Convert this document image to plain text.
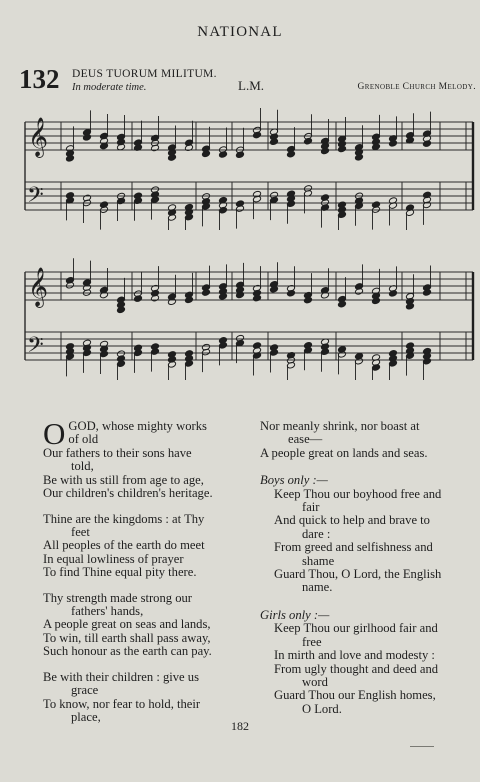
NATIONAL
132 DEUS TUORUM MILITUM.
In moderate time.	L.M.	Grenoble Church Melody.
𝄞
𝄢
𝄞
𝄢
O GOD, whose mighty works
of old
Our fathers to their sons have
told,
Be with us still from age to age,
Our children's children's heritage.
Thine are the kingdoms : at Thy
feet
All peoples of the earth do meet
In equal lowliness of prayer
To find Thine equal pity there.
Thy strength made strong our
fathers' hands,
A people great on seas and lands,
To win, till earth shall pass away,
Such honour as the earth can pay.
Be with their children : give us
grace
To know, nor fear to hold, their
place,
Nor meanly shrink, nor boast at
ease—
A people great on lands and seas.
Boys only :—
Keep Thou our boyhood free and
fair
And quick to help and brave to
dare :
From greed and selfishness and
shame
Guard Thou, O Lord, the English
name.
Girls only :—
Keep Thou our girlhood fair and
free
In mirth and love and modesty :
From ugly thought and deed and
word
Guard Thou our English homes,
O Lord.
182
